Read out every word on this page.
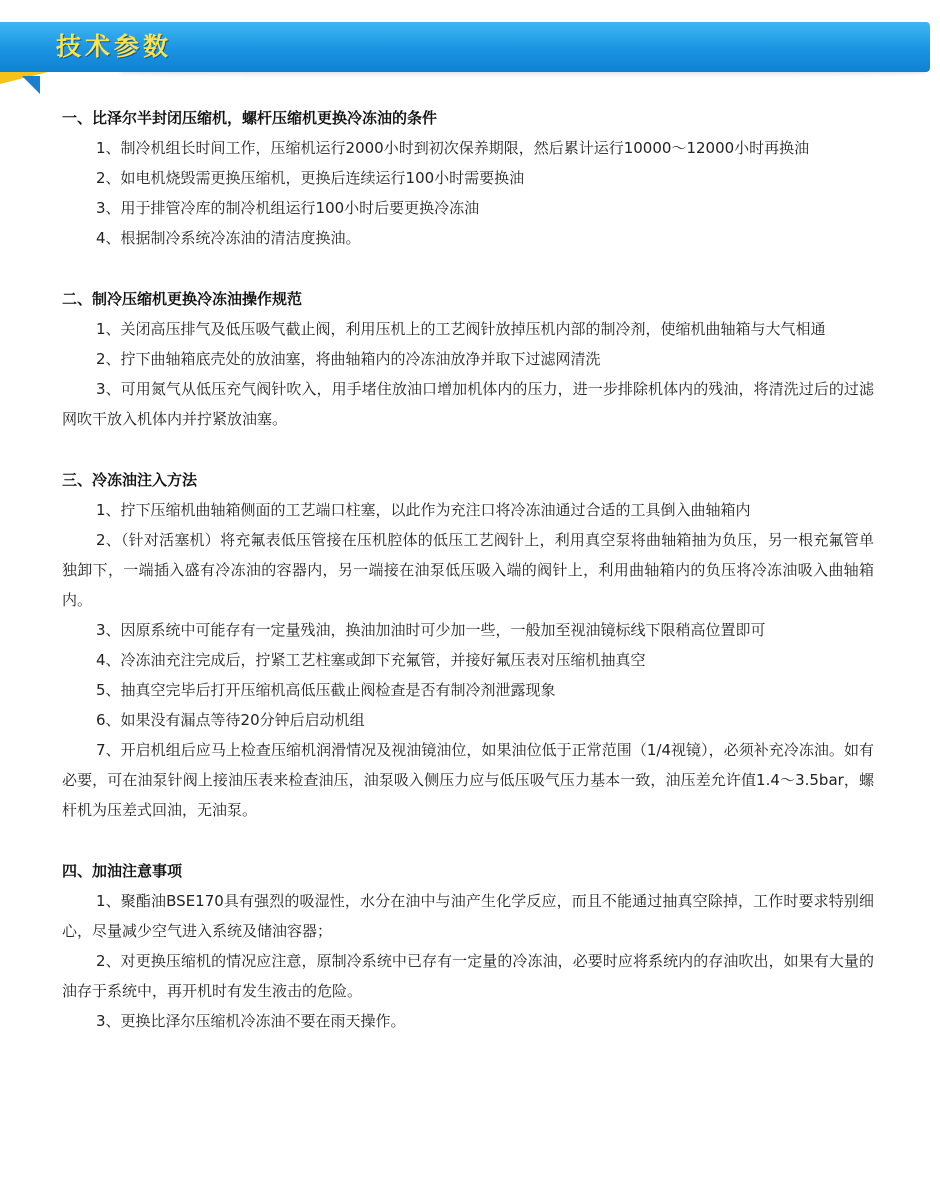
技术参数

一、比泽尔半封闭压缩机，螺杆压缩机更换冷冻油的条件

1、制冷机组长时间工作，压缩机运行2000小时到初次保养期限，然后累计运行10000～12000小时再换油

2、如电机烧毁需更换压缩机，更换后连续运行100小时需要换油

3、用于排管冷库的制冷机组运行100小时后要更换冷冻油

4、根据制冷系统冷冻油的清洁度换油。

二、制冷压缩机更换冷冻油操作规范

1、关闭高压排气及低压吸气截止阀，利用压机上的工艺阀针放掉压机内部的制冷剂，使缩机曲轴箱与大气相通

2、拧下曲轴箱底壳处的放油塞，将曲轴箱内的冷冻油放净并取下过滤网清洗

3、可用氮气从低压充气阀针吹入，用手堵住放油口增加机体内的压力，进一步排除机体内的残油，将清洗过后的过滤网吹干放入机体内并拧紧放油塞。

三、冷冻油注入方法

1、拧下压缩机曲轴箱侧面的工艺端口柱塞，以此作为充注口将冷冻油通过合适的工具倒入曲轴箱内

2、（针对活塞机）将充氟表低压管接在压机腔体的低压工艺阀针上，利用真空泵将曲轴箱抽为负压，另一根充氟管单独卸下，一端插入盛有冷冻油的容器内，另一端接在油泵低压吸入端的阀针上，利用曲轴箱内的负压将冷冻油吸入曲轴箱内。

3、因原系统中可能存有一定量残油，换油加油时可少加一些，一般加至视油镜标线下限稍高位置即可

4、冷冻油充注完成后，拧紧工艺柱塞或卸下充氟管，并接好氟压表对压缩机抽真空

5、抽真空完毕后打开压缩机高低压截止阀检查是否有制冷剂泄露现象

6、如果没有漏点等待20分钟后启动机组

7、开启机组后应马上检查压缩机润滑情况及视油镜油位，如果油位低于正常范围（1/4视镜），必须补充冷冻油。如有必要，可在油泵针阀上接油压表来检查油压，油泵吸入侧压力应与低压吸气压力基本一致，油压差允许值1.4～3.5bar，螺杆机为压差式回油，无油泵。

四、加油注意事项

1、聚酯油BSE170具有强烈的吸湿性，水分在油中与油产生化学反应，而且不能通过抽真空除掉，工作时要求特别细心，尽量减少空气进入系统及储油容器；

2、对更换压缩机的情况应注意，原制冷系统中已存有一定量的冷冻油，必要时应将系统内的存油吹出，如果有大量的油存于系统中，再开机时有发生液击的危险。

3、更换比泽尔压缩机冷冻油不要在雨天操作。
